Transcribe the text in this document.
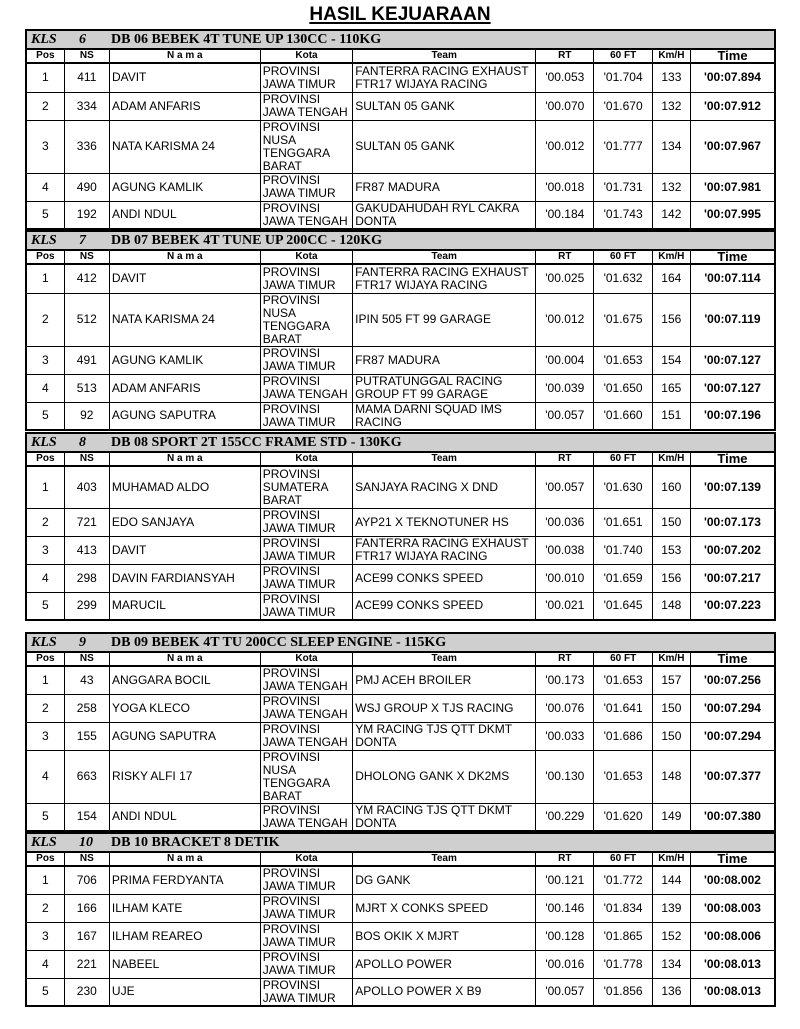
HASIL KEJUARAAN
KLS 6 DB 06 BEBEK 4T TUNE UP 130CC - 110KG								
Pos	NS	N a m a	Kota	Team	RT	60 FT	Km/H	Time
1	411	DAVIT	PROVINSI JAWA TIMUR	FANTERRA RACING EXHAUST FTR17 WIJAYA RACING	'00.053	'01.704	133	'00:07.894
2	334	ADAM ANFARIS	PROVINSI JAWA TENGAH	SULTAN 05 GANK	'00.070	'01.670	132	'00:07.912
3	336	NATA KARISMA 24	PROVINSI NUSA TENGGARA BARAT	SULTAN 05 GANK	'00.012	'01.777	134	'00:07.967
4	490	AGUNG KAMLIK	PROVINSI JAWA TIMUR	FR87 MADURA	'00.018	'01.731	132	'00:07.981
5	192	ANDI NDUL	PROVINSI JAWA TENGAH	GAKUDAHUDAH RYL CAKRA DONTA	'00.184	'01.743	142	'00:07.995
KLS 7 DB 07 BEBEK 4T TUNE UP 200CC - 120KG								
Pos	NS	N a m a	Kota	Team	RT	60 FT	Km/H	Time
1	412	DAVIT	PROVINSI JAWA TIMUR	FANTERRA RACING EXHAUST FTR17 WIJAYA RACING	'00.025	'01.632	164	'00:07.114
2	512	NATA KARISMA 24	PROVINSI NUSA TENGGARA BARAT	IPIN 505 FT 99 GARAGE	'00.012	'01.675	156	'00:07.119
3	491	AGUNG KAMLIK	PROVINSI JAWA TIMUR	FR87 MADURA	'00.004	'01.653	154	'00:07.127
4	513	ADAM ANFARIS	PROVINSI JAWA TENGAH	PUTRATUNGGAL RACING GROUP FT 99 GARAGE	'00.039	'01.650	165	'00:07.127
5	92	AGUNG SAPUTRA	PROVINSI JAWA TIMUR	MAMA DARNI SQUAD IMS RACING	'00.057	'01.660	151	'00:07.196
KLS 8 DB 08 SPORT 2T 155CC FRAME STD - 130KG								
Pos	NS	N a m a	Kota	Team	RT	60 FT	Km/H	Time
1	403	MUHAMAD ALDO	PROVINSI SUMATERA BARAT	SANJAYA RACING X DND	'00.057	'01.630	160	'00:07.139
2	721	EDO SANJAYA	PROVINSI JAWA TIMUR	AYP21 X TEKNOTUNER HS	'00.036	'01.651	150	'00:07.173
3	413	DAVIT	PROVINSI JAWA TIMUR	FANTERRA RACING EXHAUST FTR17 WIJAYA RACING	'00.038	'01.740	153	'00:07.202
4	298	DAVIN FARDIANSYAH	PROVINSI JAWA TIMUR	ACE99 CONKS SPEED	'00.010	'01.659	156	'00:07.217
5	299	MARUCIL	PROVINSI JAWA TIMUR	ACE99 CONKS SPEED	'00.021	'01.645	148	'00:07.223
KLS 9 DB 09 BEBEK 4T TU 200CC SLEEP ENGINE - 115KG								
Pos	NS	N a m a	Kota	Team	RT	60 FT	Km/H	Time
1	43	ANGGARA BOCIL	PROVINSI JAWA TENGAH	PMJ ACEH BROILER	'00.173	'01.653	157	'00:07.256
2	258	YOGA KLECO	PROVINSI JAWA TENGAH	WSJ GROUP X TJS RACING	'00.076	'01.641	150	'00:07.294
3	155	AGUNG SAPUTRA	PROVINSI JAWA TENGAH	YM RACING TJS QTT DKMT DONTA	'00.033	'01.686	150	'00:07.294
4	663	RISKY ALFI 17	PROVINSI NUSA TENGGARA BARAT	DHOLONG GANK X DK2MS	'00.130	'01.653	148	'00:07.377
5	154	ANDI NDUL	PROVINSI JAWA TENGAH	YM RACING TJS QTT DKMT DONTA	'00.229	'01.620	149	'00:07.380
KLS 10 DB 10 BRACKET 8 DETIK								
Pos	NS	N a m a	Kota	Team	RT	60 FT	Km/H	Time
1	706	PRIMA FERDYANTA	PROVINSI JAWA TIMUR	DG GANK	'00.121	'01.772	144	'00:08.002
2	166	ILHAM KATE	PROVINSI JAWA TIMUR	MJRT X CONKS SPEED	'00.146	'01.834	139	'00:08.003
3	167	ILHAM REAREO	PROVINSI JAWA TIMUR	BOS OKIK X MJRT	'00.128	'01.865	152	'00:08.006
4	221	NABEEL	PROVINSI JAWA TIMUR	APOLLO POWER	'00.016	'01.778	134	'00:08.013
5	230	UJE	PROVINSI JAWA TIMUR	APOLLO POWER X B9	'00.057	'01.856	136	'00:08.013
